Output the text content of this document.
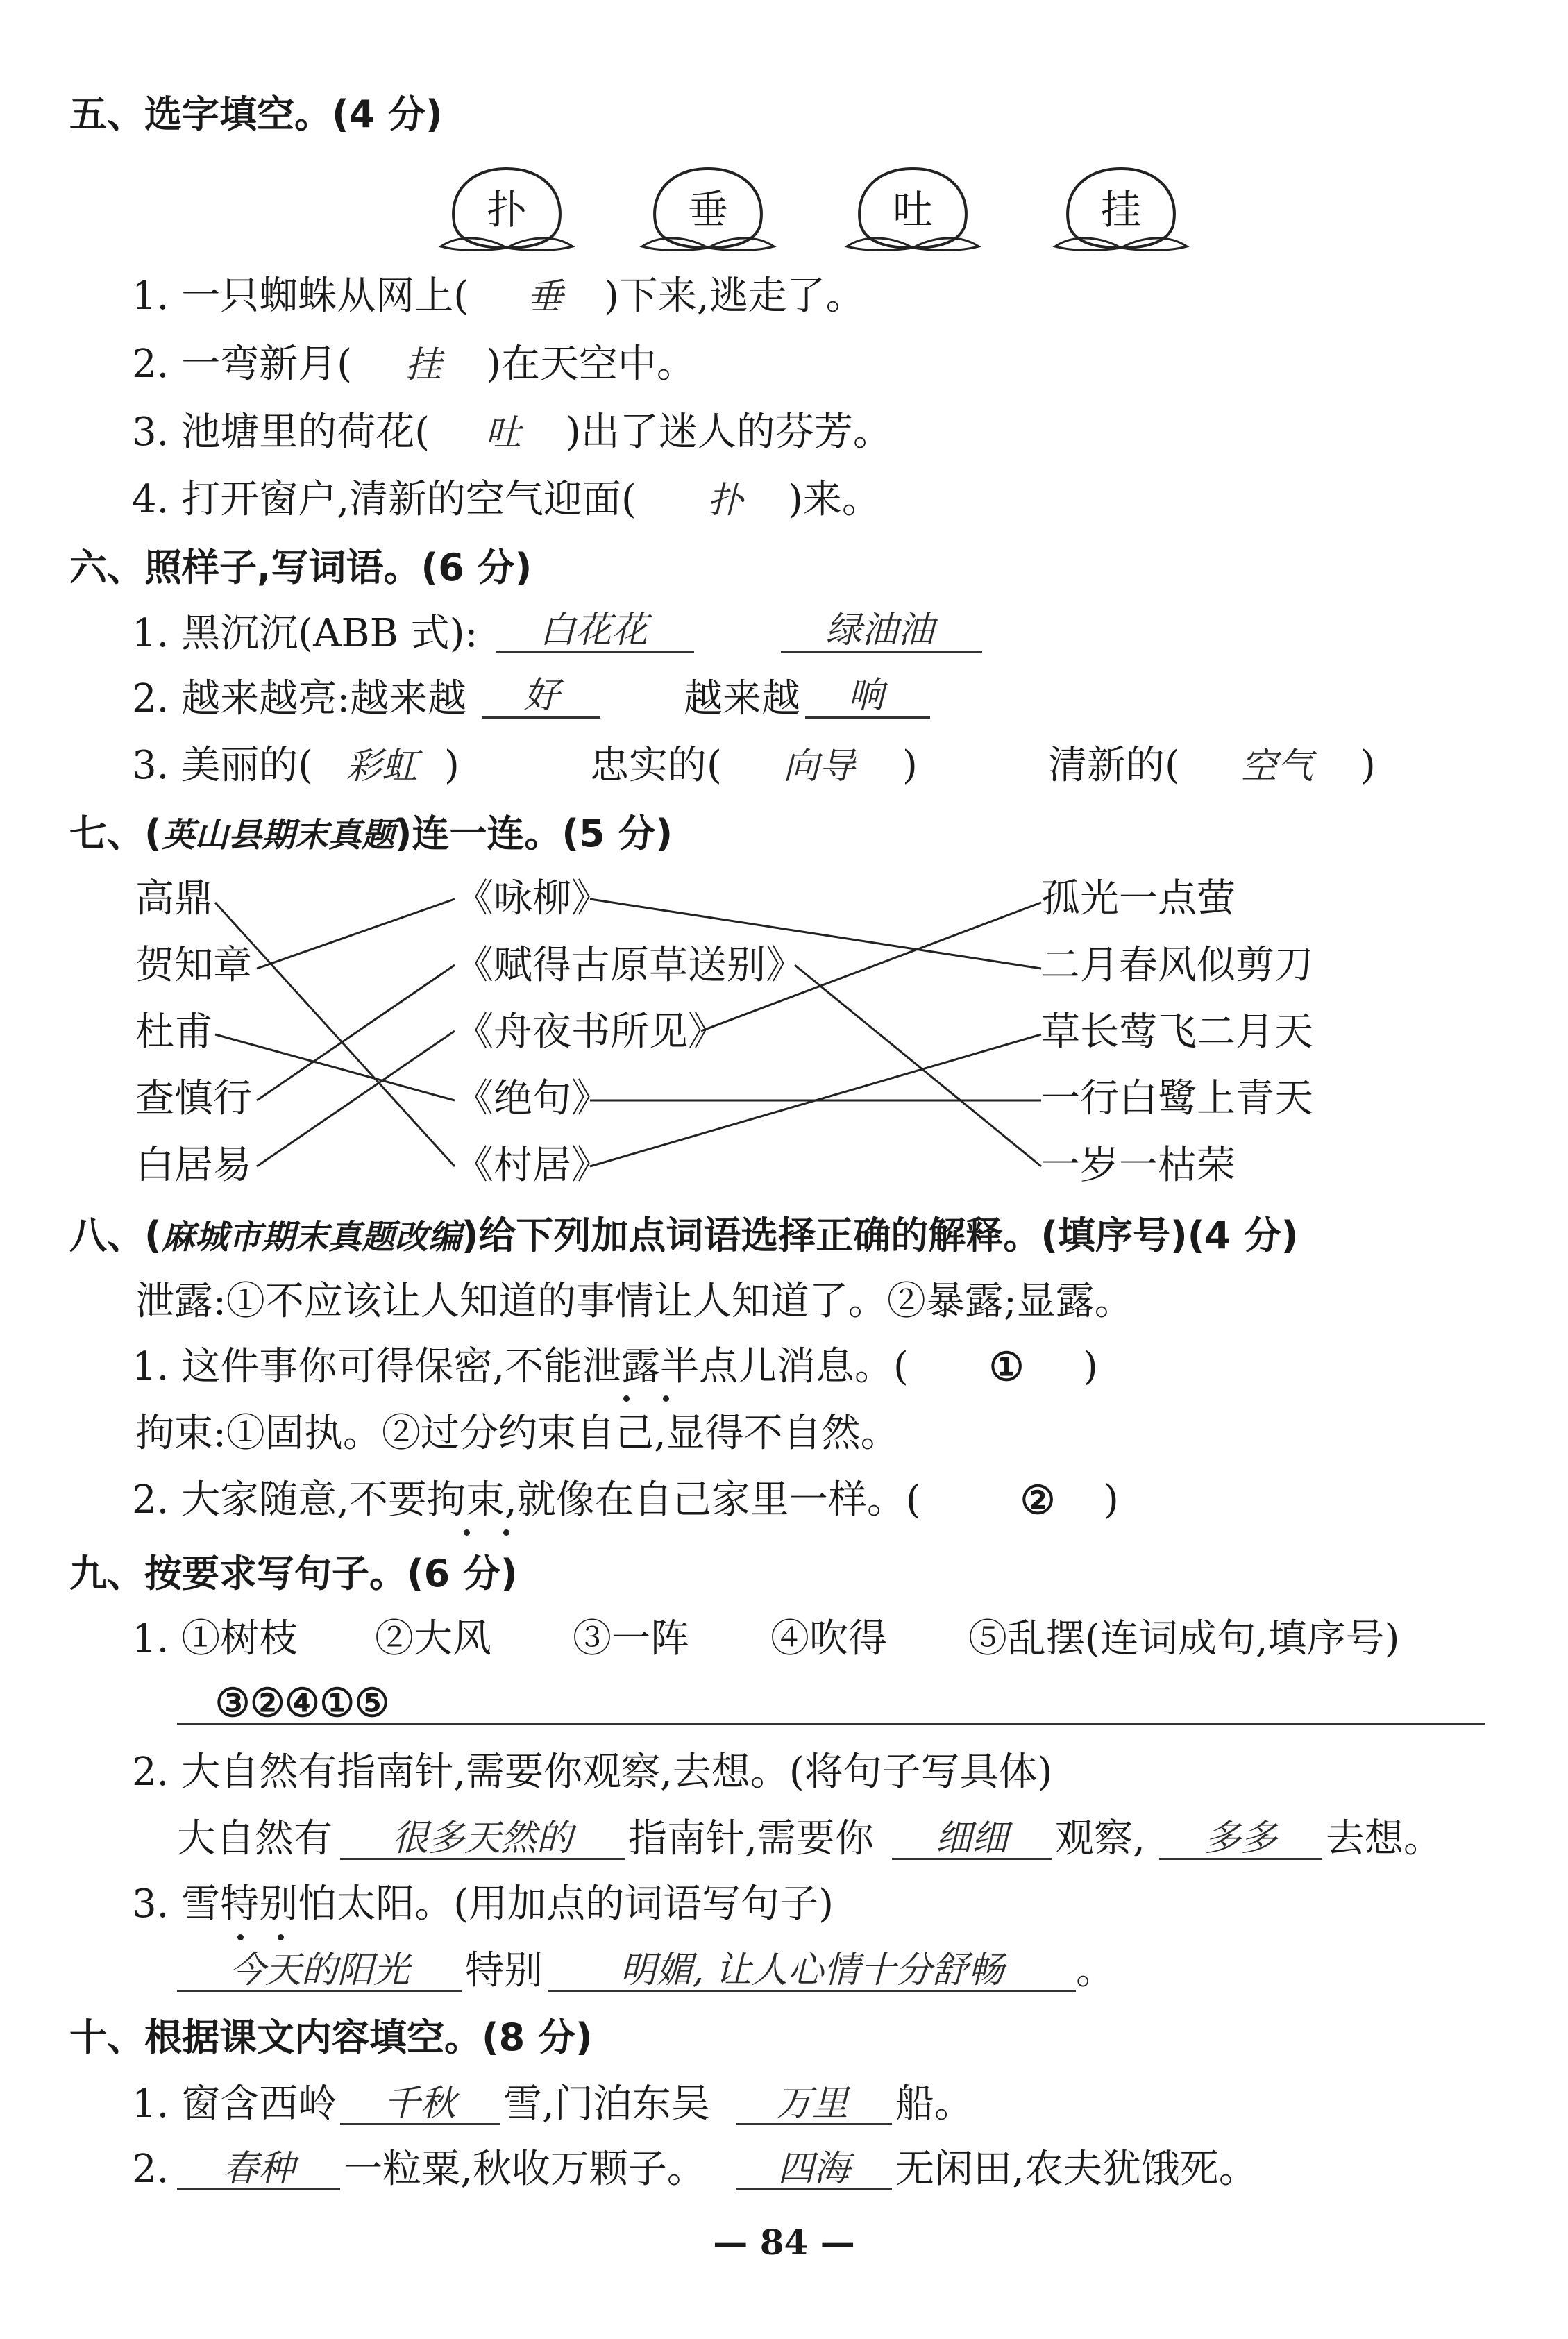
五、选字填空。(4 分)
扑	垂	吐	挂
1. 一只蜘蛛从网上(	垂	)下来,逃走了。
2. 一弯新月(	挂	)在天空中。
3. 池塘里的荷花(	吐	)出了迷人的芬芳。
4. 打开窗户,清新的空气迎面(	扑	)来。
六、照样子,写词语。(6 分)
1. 黑沉沉(ABB 式):	白花花	绿油油
2. 越来越亮:越来越	好	越来越	响
3. 美丽的( 彩虹 )	忠实的(	向导	)	清新的(	空气	)
七、(英山县期末真题)连一连。(5 分)
高鼎
贺知章
杜甫
查慎行
白居易
《咏柳》
《赋得古原草送别》
《舟夜书所见》
《绝句》
《村居》
孤光一点萤
二月春风似剪刀
草长莺飞二月天
一行白鹭上青天
一岁一枯荣
八、(麻城市期末真题改编)给下列加点词语选择正确的解释。(填序号)(4 分)
泄露:①不应该让人知道的事情让人知道了。②暴露;显露。
1. 这件事你可得保密,不能泄露半点儿消息。( ① )
拘束:①固执。②过分约束自己,显得不自然。
2. 大家随意,不要拘束,就像在自己家里一样。(	② )
九、按要求写句子。(6 分)
1. ①树枝 ②大风 ③一阵 ④吹得 ⑤乱摆(连词成句,填序号)
③②④①⑤
2. 大自然有指南针,需要你观察,去想。(将句子写具体)
大自然有	很多天然的	指南针,需要你	细细	观察,	多多	去想。
3. 雪特别怕太阳。(用加点的词语写句子)
今天的阳光	特别	明媚, 让人心情十分舒畅	。
十、根据课文内容填空。(8 分)
1. 窗含西岭	千秋	雪,门泊东吴	万里	船。
2.	春种	一粒粟,秋收万颗子。	四海	无闲田,农夫犹饿死。
— 84 —
